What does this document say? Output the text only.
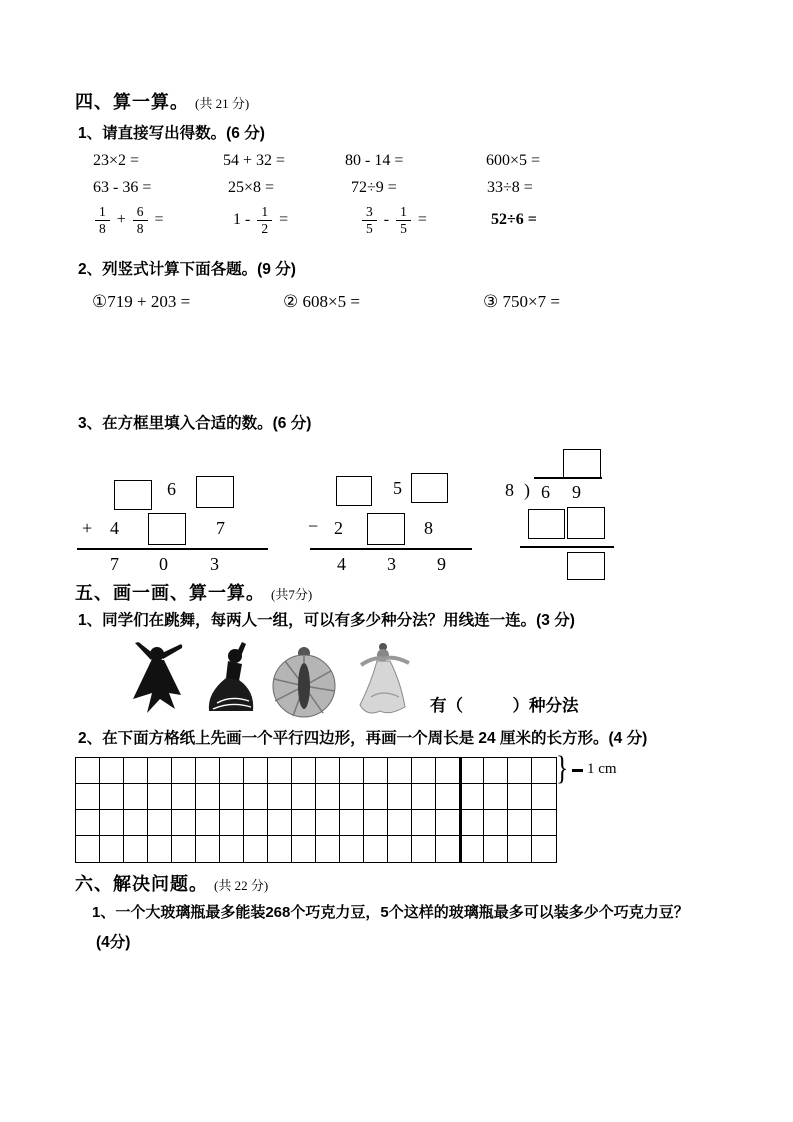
四、算一算。 (共 21 分)
1、请直接写出得数。(6 分)
23×2 =	54 + 32 =	80 - 14 =	600×5 =
63 - 36 =	25×8 =	72÷9 =	33÷8 =
$\frac{1}{8} + \frac{6}{8}$ =	$1 - \frac{1}{2}$ =	$\frac{3}{5} - \frac{1}{5}$ =	52÷6 =
2、列竖式计算下面各题。(9 分)
①719 + 203 =	② 608×5 =	③ 750×7 =
3、在方框里填入合适的数。(6 分)
6
+ 4	7
7 0 3
5
− 2	8
4 3 9
8 ) 6 9
五、画一画、算一算。 (共7分)
1、同学们在跳舞，每两人一组，可以有多少种分法？用线连一连。(3 分)
有（　　　）种分法
2、在下面方格纸上先画一个平行四边形，再画一个周长是 24 厘米的长方形。(4 分)
} 1 cm
六、解决问题。 (共 22 分)
1、一个大玻璃瓶最多能装268个巧克力豆，5个这样的玻璃瓶最多可以装多少个巧克力豆？
(4分)
